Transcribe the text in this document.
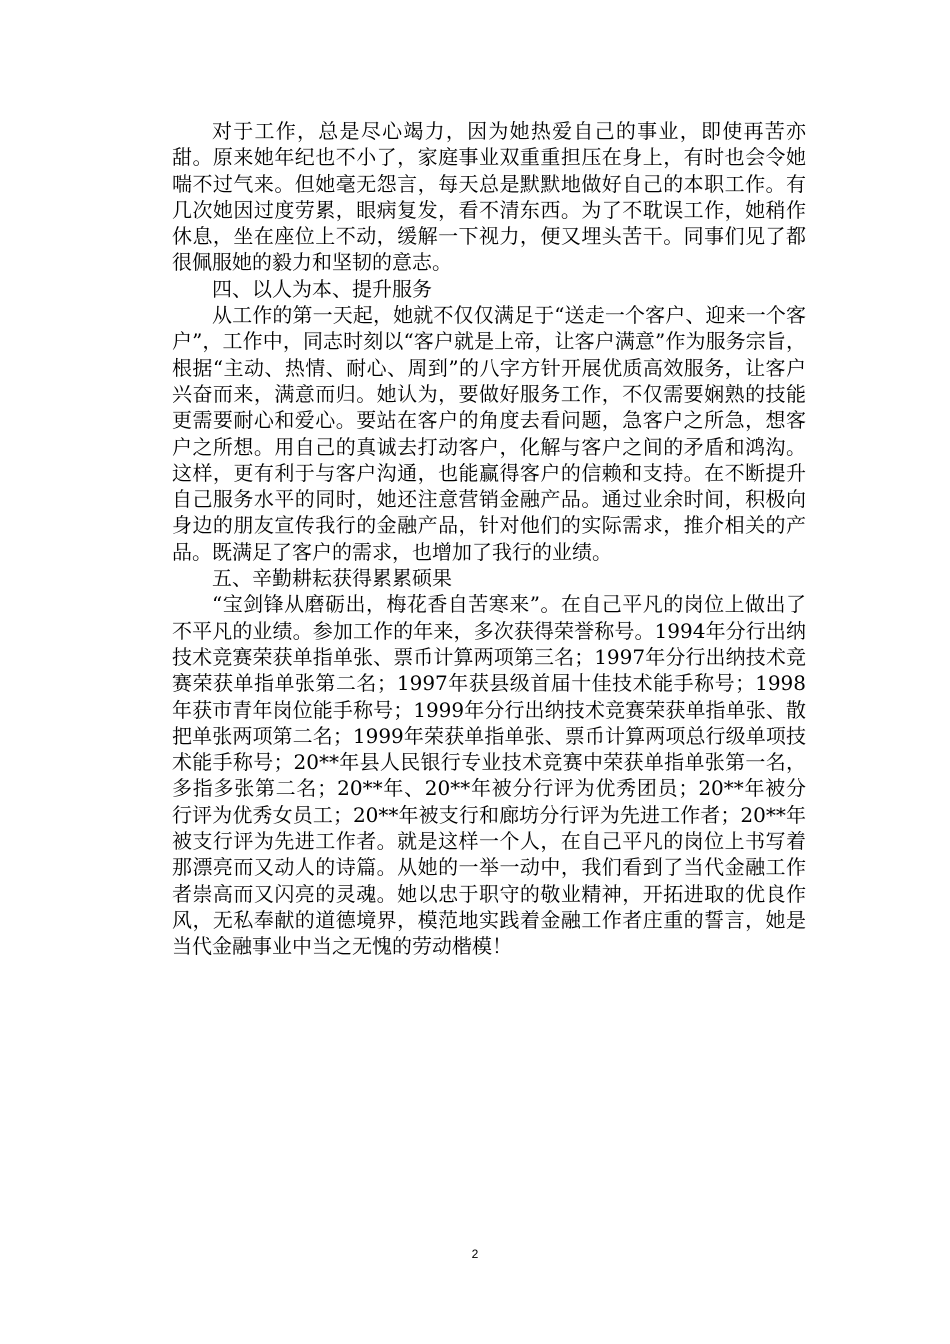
对于工作，总是尽心竭力，因为她热爱自己的事业，即使再苦亦甜。原来她年纪也不小了，家庭事业双重重担压在身上，有时也会令她喘不过气来。但她毫无怨言，每天总是默默地做好自己的本职工作。有几次她因过度劳累，眼病复发，看不清东西。为了不耽误工作，她稍作休息，坐在座位上不动，缓解一下视力，便又埋头苦干。同事们见了都很佩服她的毅力和坚韧的意志。

四、以人为本、提升服务

从工作的第一天起，她就不仅仅满足于“送走一个客户、迎来一个客户”，工作中，同志时刻以“客户就是上帝，让客户满意”作为服务宗旨，根据“主动、热情、耐心、周到”的八字方针开展优质高效服务，让客户兴奋而来，满意而归。她认为，要做好服务工作，不仅需要娴熟的技能更需要耐心和爱心。要站在客户的角度去看问题，急客户之所急，想客户之所想。用自己的真诚去打动客户，化解与客户之间的矛盾和鸿沟。这样，更有利于与客户沟通，也能赢得客户的信赖和支持。在不断提升自己服务水平的同时，她还注意营销金融产品。通过业余时间，积极向身边的朋友宣传我行的金融产品，针对他们的实际需求，推介相关的产品。既满足了客户的需求，也增加了我行的业绩。

五、辛勤耕耘获得累累硕果

“宝剑锋从磨砺出，梅花香自苦寒来”。在自己平凡的岗位上做出了不平凡的业绩。参加工作的年来，多次获得荣誉称号。1994年分行出纳技术竞赛荣获单指单张、票币计算两项第三名；1997年分行出纳技术竞赛荣获单指单张第二名；1997年获县级首届十佳技术能手称号；1998年获市青年岗位能手称号；1999年分行出纳技术竞赛荣获单指单张、散把单张两项第二名；1999年荣获单指单张、票币计算两项总行级单项技术能手称号；20**年县人民银行专业技术竞赛中荣获单指单张第一名，多指多张第二名；20**年、20**年被分行评为优秀团员；20**年被分行评为优秀女员工；20**年被支行和廊坊分行评为先进工作者；20**年被支行评为先进工作者。就是这样一个人，在自己平凡的岗位上书写着那漂亮而又动人的诗篇。从她的一举一动中，我们看到了当代金融工作者崇高而又闪亮的灵魂。她以忠于职守的敬业精神，开拓进取的优良作风，无私奉献的道德境界，模范地实践着金融工作者庄重的誓言，她是当代金融事业中当之无愧的劳动楷模！

2
